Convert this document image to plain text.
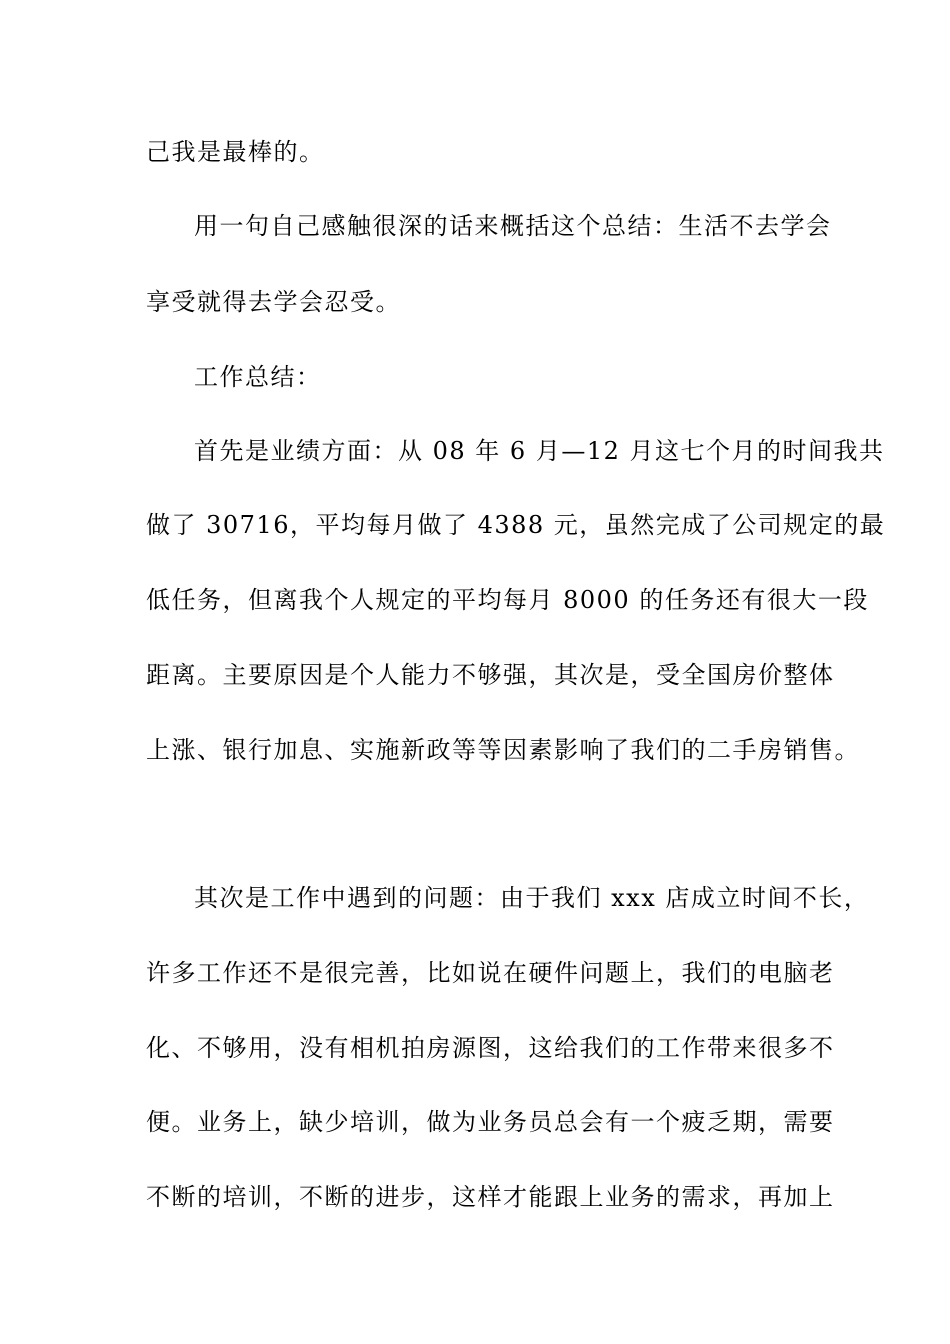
己我是最棒的。

用一句自己感触很深的话来概括这个总结：生活不去学会

享受就得去学会忍受。

工作总结：

首先是业绩方面：从 08 年 6 月—12 月这七个月的时间我共

做了 30716，平均每月做了 4388 元，虽然完成了公司规定的最

低任务，但离我个人规定的平均每月 8000 的任务还有很大一段

距离。主要原因是个人能力不够强，其次是，受全国房价整体

上涨、银行加息、实施新政等等因素影响了我们的二手房销售。

其次是工作中遇到的问题：由于我们 xxx 店成立时间不长，

许多工作还不是很完善，比如说在硬件问题上，我们的电脑老

化、不够用，没有相机拍房源图，这给我们的工作带来很多不

便。业务上，缺少培训，做为业务员总会有一个疲乏期，需要

不断的培训，不断的进步，这样才能跟上业务的需求，再加上
